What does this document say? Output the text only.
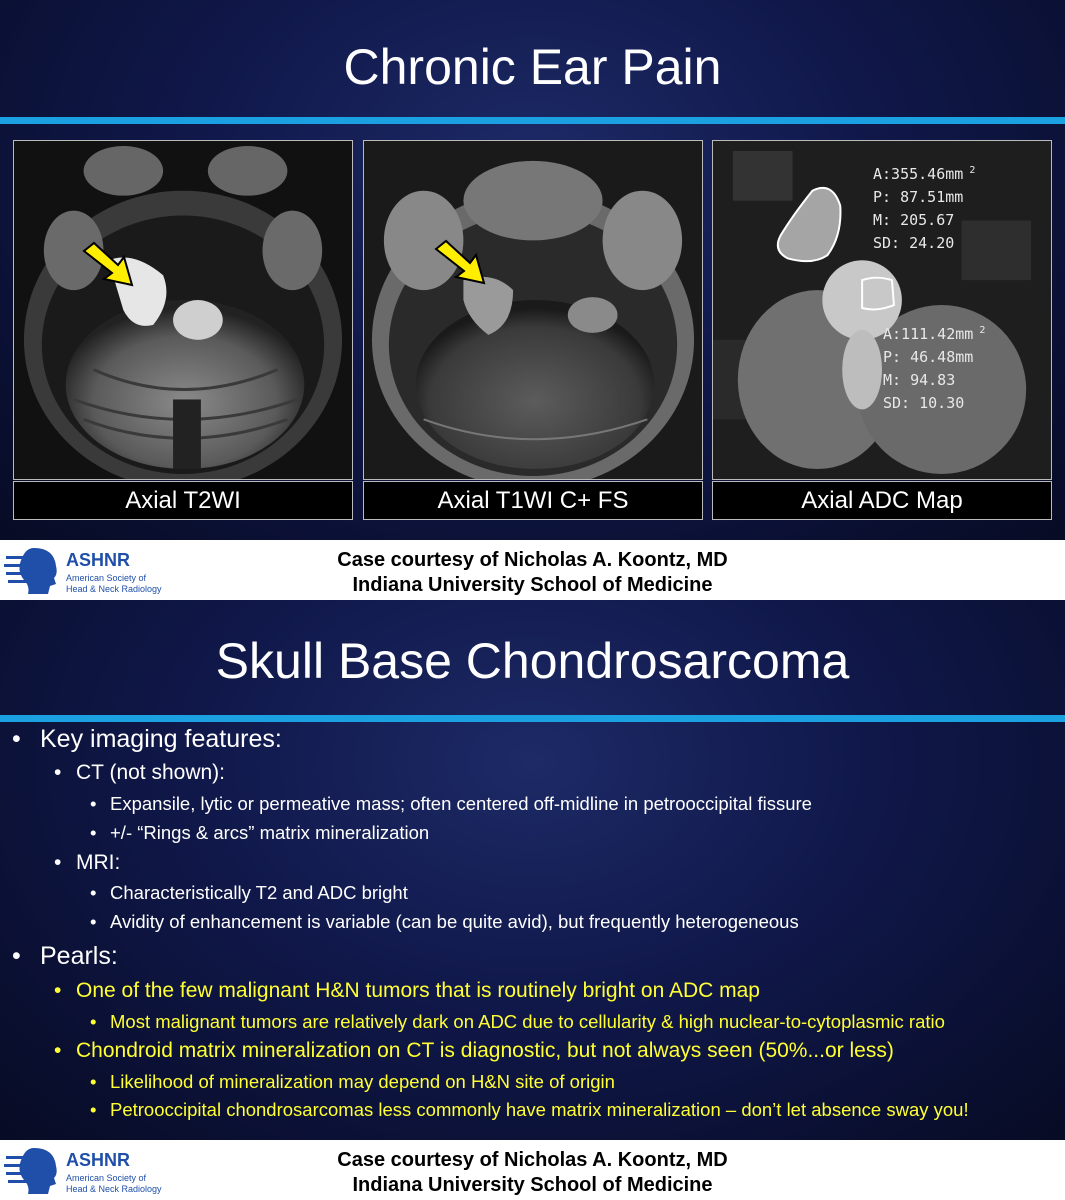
Chronic Ear Pain
Axial T2WI	Axial T1WI C+ FS
A:355.46mm $^2$
P: 87.51mm
M: 205.67
SD: 24.20
A:111.42mm $^2$
P: 46.48mm
M: 94.83
SD: 10.30
Axial ADC Map
ASHNR
American Society of
Head & Neck Radiology
Case courtesy of Nicholas A. Koontz, MD
Indiana University School of Medicine
Skull Base Chondrosarcoma
• Key imaging features:
• CT (not shown):
• Expansile, lytic or permeative mass; often centered off-midline in petrooccipital fissure
• +/- “Rings & arcs” matrix mineralization
• MRI:
• Characteristically T2 and ADC bright
• Avidity of enhancement is variable (can be quite avid), but frequently heterogeneous
• Pearls:
• One of the few malignant H&N tumors that is routinely bright on ADC map
• Most malignant tumors are relatively dark on ADC due to cellularity & high nuclear-to-cytoplasmic ratio
• Chondroid matrix mineralization on CT is diagnostic, but not always seen (50%...or less)
• Likelihood of mineralization may depend on H&N site of origin
• Petrooccipital chondrosarcomas less commonly have matrix mineralization – don’t let absence sway you!
ASHNR
American Society of
Head & Neck Radiology
Case courtesy of Nicholas A. Koontz, MD
Indiana University School of Medicine
